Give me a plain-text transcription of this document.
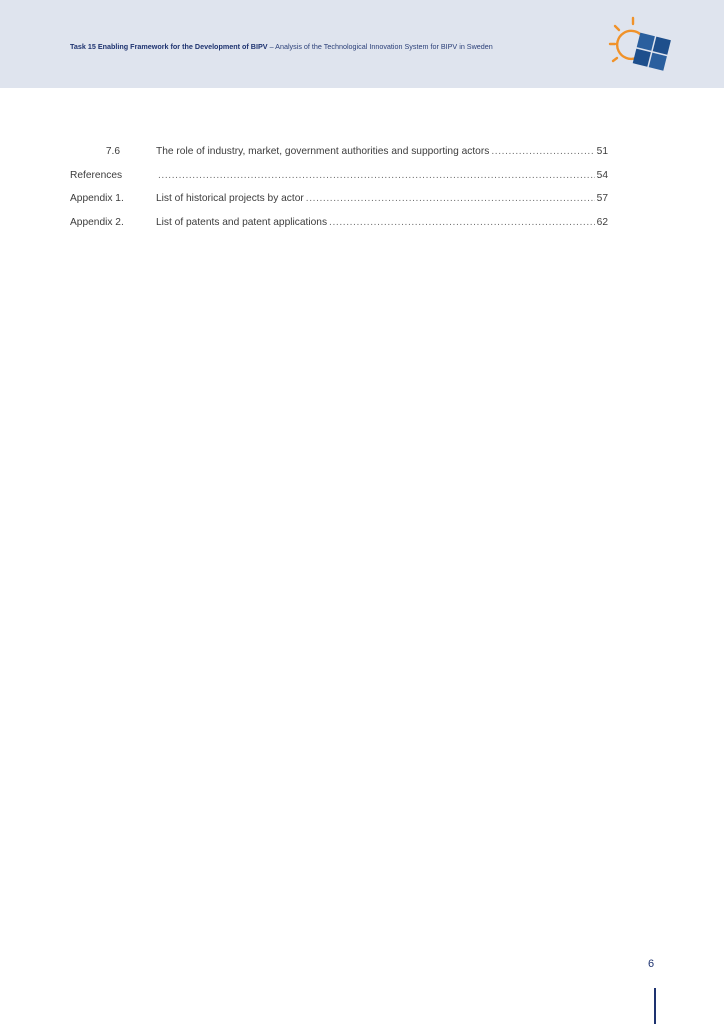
Task 15 Enabling Framework for the Development of BIPV – Analysis of the Technological Innovation System for BIPV in Sweden
7.6	The role of industry, market, government authorities and supporting actors .....	51
References .....	54
Appendix 1.	List of historical projects by actor .....	57
Appendix 2.	List of patents and patent applications .....	62
6
